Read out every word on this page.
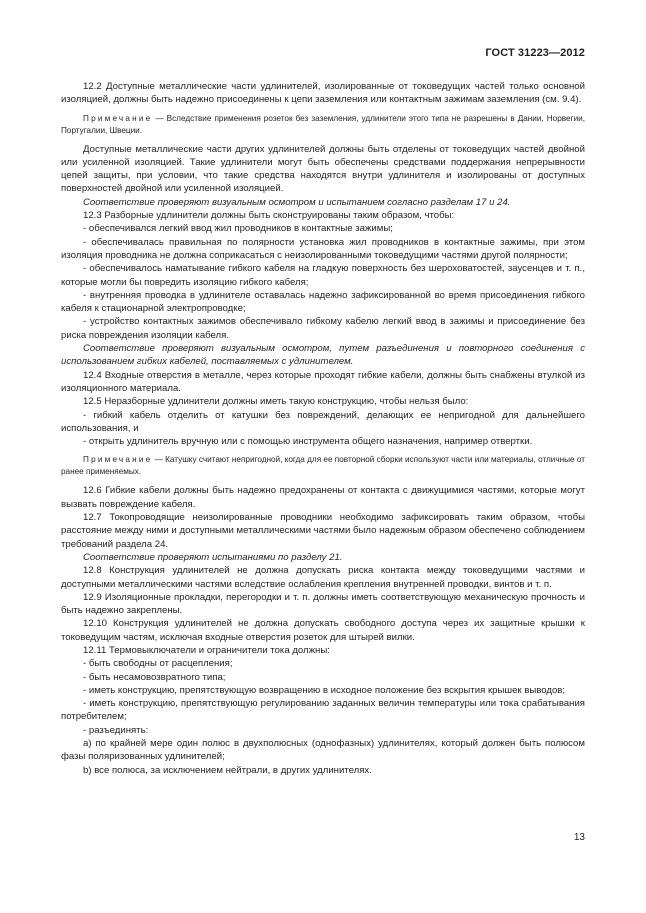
ГОСТ 31223—2012

12.2 Доступные металлические части удлинителей, изолированные от токоведущих частей только основной изоляцией, должны быть надежно присоединены к цепи заземления или контактным зажимам заземления (см. 9.4).

Примечание — Вследствие применения розеток без заземления, удлинители этого типа не разрешены в Дании, Норвегии, Португалии, Швеции.

Доступные металлические части других удлинителей должны быть отделены от токоведущих частей двойной или усиленной изоляцией. Такие удлинители могут быть обеспечены средствами поддержания непрерывности цепей защиты, при условии, что такие средства находятся внутри удлинителя и изолированы от доступных поверхностей двойной или усиленной изоляцией.

Соответствие проверяют визуальным осмотром и испытанием согласно разделам 17 и 24.

12.3 Разборные удлинители должны быть сконструированы таким образом, чтобы:

- обеспечивался легкий ввод жил проводников в контактные зажимы;

- обеспечивалась правильная по полярности установка жил проводников в контактные зажимы, при этом изоляция проводника не должна соприкасаться с неизолированными токоведущими частями другой полярности;

- обеспечивалось наматывание гибкого кабеля на гладкую поверхность без шероховатостей, заусенцев и т. п., которые могли бы повредить изоляцию гибкого кабеля;

- внутренняя проводка в удлинителе оставалась надежно зафиксированной во время присоединения гибкого кабеля к стационарной электропроводке;

- устройство контактных зажимов обеспечивало гибкому кабелю легкий ввод в зажимы и присоединение без риска повреждения изоляции кабеля.

Соответствие проверяют визуальным осмотром, путем разъединения и повторного соединения с использованием гибких кабелей, поставляемых с удлинителем.

12.4 Входные отверстия в металле, через которые проходят гибкие кабели, должны быть снабжены втулкой из изоляционного материала.

12.5 Неразборные удлинители должны иметь такую конструкцию, чтобы нельзя было:

- гибкий кабель отделить от катушки без повреждений, делающих ее непригодной для дальнейшего использования, и

- открыть удлинитель вручную или с помощью инструмента общего назначения, например отвертки.

Примечание — Катушку считают непригодной, когда для ее повторной сборки используют части или материалы, отличные от ранее применяемых.

12.6 Гибкие кабели должны быть надежно предохранены от контакта с движущимися частями, которые могут вызвать повреждение кабеля.

12.7 Токопроводящие неизолированные проводники необходимо зафиксировать таким образом, чтобы расстояние между ними и доступными металлическими частями было надежным образом обеспечено соблюдением требований раздела 24.

Соответствие проверяют испытаниями по разделу 21.

12.8 Конструкция удлинителей не должна допускать риска контакта между токоведущими частями и доступными металлическими частями вследствие ослабления крепления внутренней проводки, винтов и т. п.

12.9 Изоляционные прокладки, перегородки и т. п. должны иметь соответствующую механическую прочность и быть надежно закреплены.

12.10 Конструкция удлинителей не должна допускать свободного доступа через их защитные крышки к токоведущим частям, исключая входные отверстия розеток для штырей вилки.

12.11 Термовыключатели и ограничители тока должны:

- быть свободны от расцепления;

- быть несамовозвратного типа;

- иметь конструкцию, препятствующую возвращению в исходное положение без вскрытия крышек выводов;

- иметь конструкцию, препятствующую регулированию заданных величин температуры или тока срабатывания потребителем;

- разъединять:

a) по крайней мере один полюс в двухполюсных (однофазных) удлинителях, который должен быть полюсом фазы поляризованных удлинителей;

b) все полюса, за исключением нейтрали, в других удлинителях.

13
